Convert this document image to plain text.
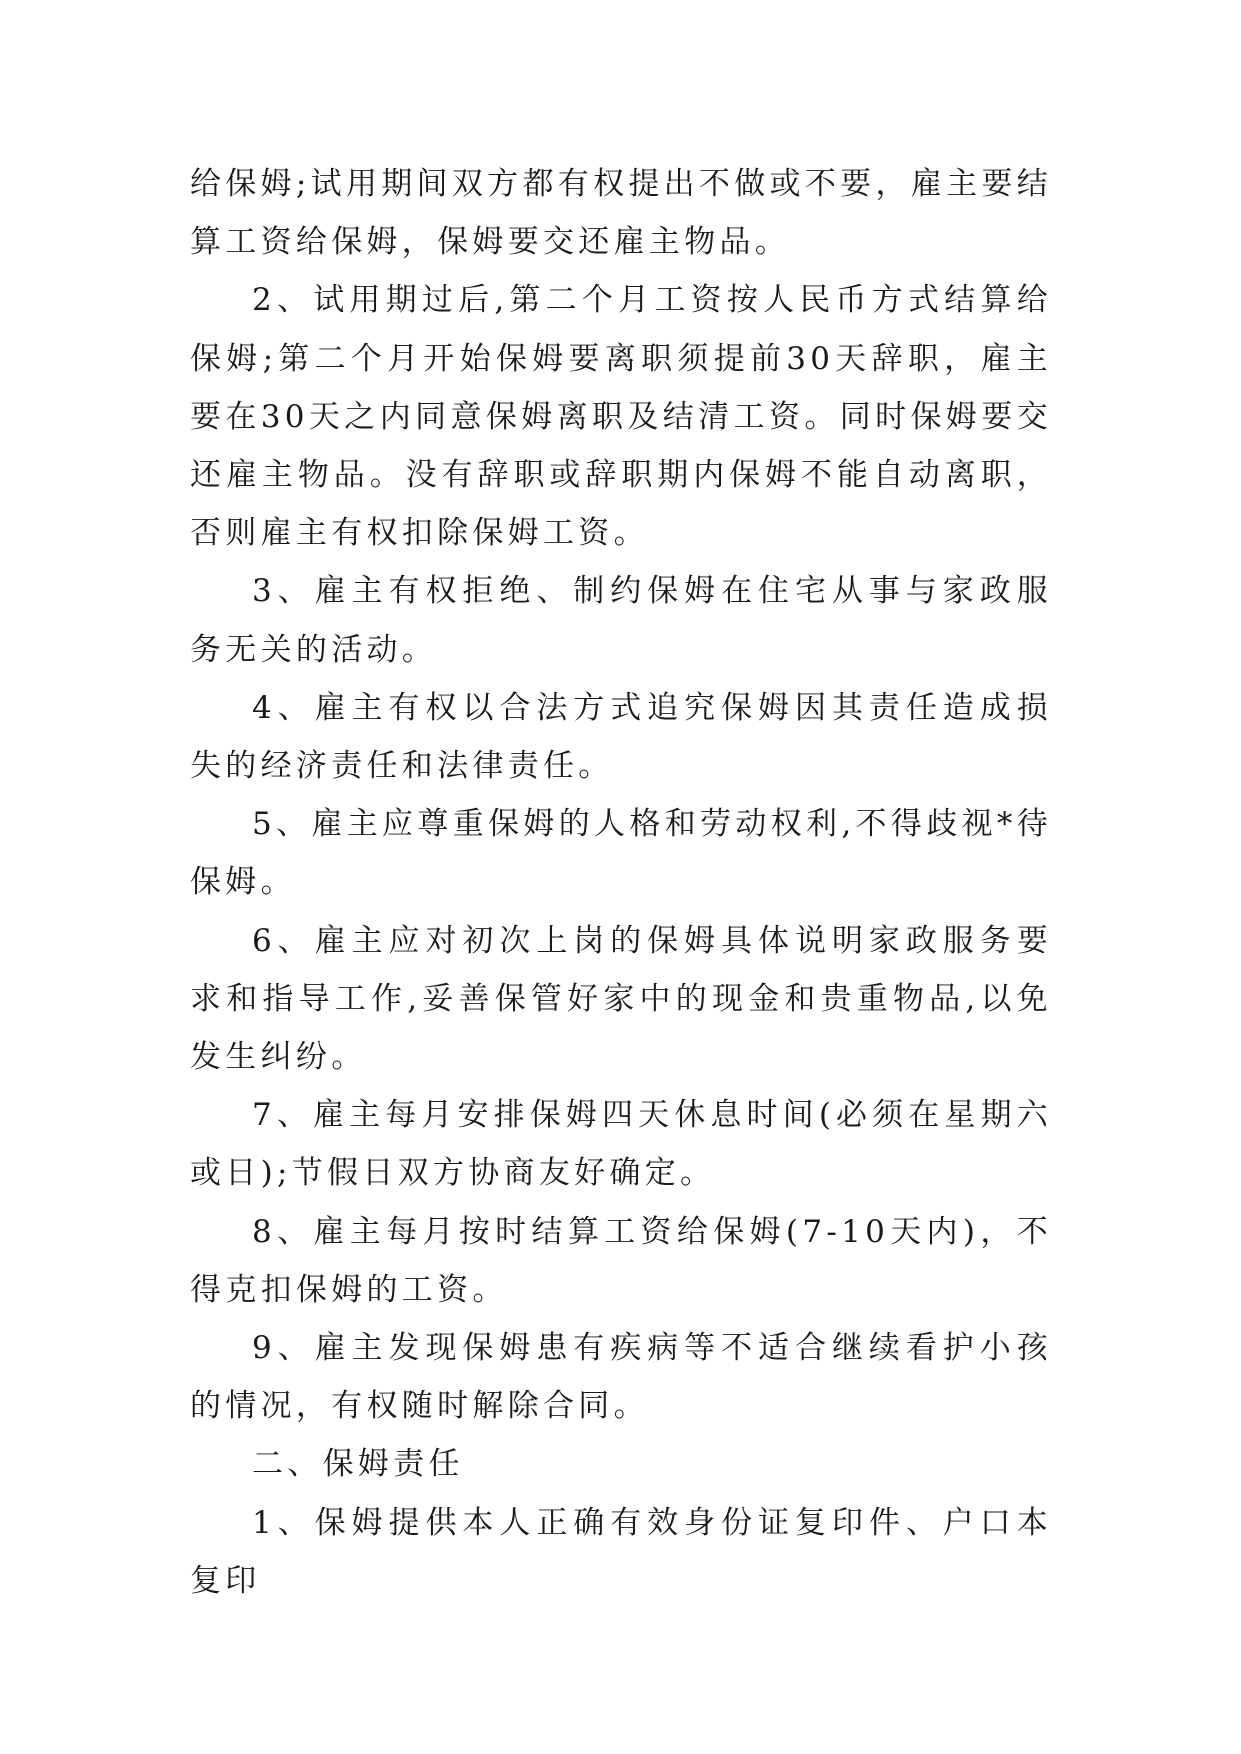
给保姆;试用期间双方都有权提出不做或不要，雇主要结算工资给保姆，保姆要交还雇主物品。

2、试用期过后,第二个月工资按人民币方式结算给保姆;第二个月开始保姆要离职须提前30天辞职，雇主要在30天之内同意保姆离职及结清工资。同时保姆要交还雇主物品。没有辞职或辞职期内保姆不能自动离职，否则雇主有权扣除保姆工资。

3、雇主有权拒绝、制约保姆在住宅从事与家政服务无关的活动。

4、雇主有权以合法方式追究保姆因其责任造成损失的经济责任和法律责任。

5、雇主应尊重保姆的人格和劳动权利,不得歧视*待保姆。

6、雇主应对初次上岗的保姆具体说明家政服务要求和指导工作,妥善保管好家中的现金和贵重物品,以免发生纠纷。

7、雇主每月安排保姆四天休息时间(必须在星期六或日);节假日双方协商友好确定。

8、雇主每月按时结算工资给保姆(7-10天内)，不得克扣保姆的工资。

9、雇主发现保姆患有疾病等不适合继续看护小孩的情况，有权随时解除合同。

二、保姆责任

1、保姆提供本人正确有效身份证复印件、户口本复印
